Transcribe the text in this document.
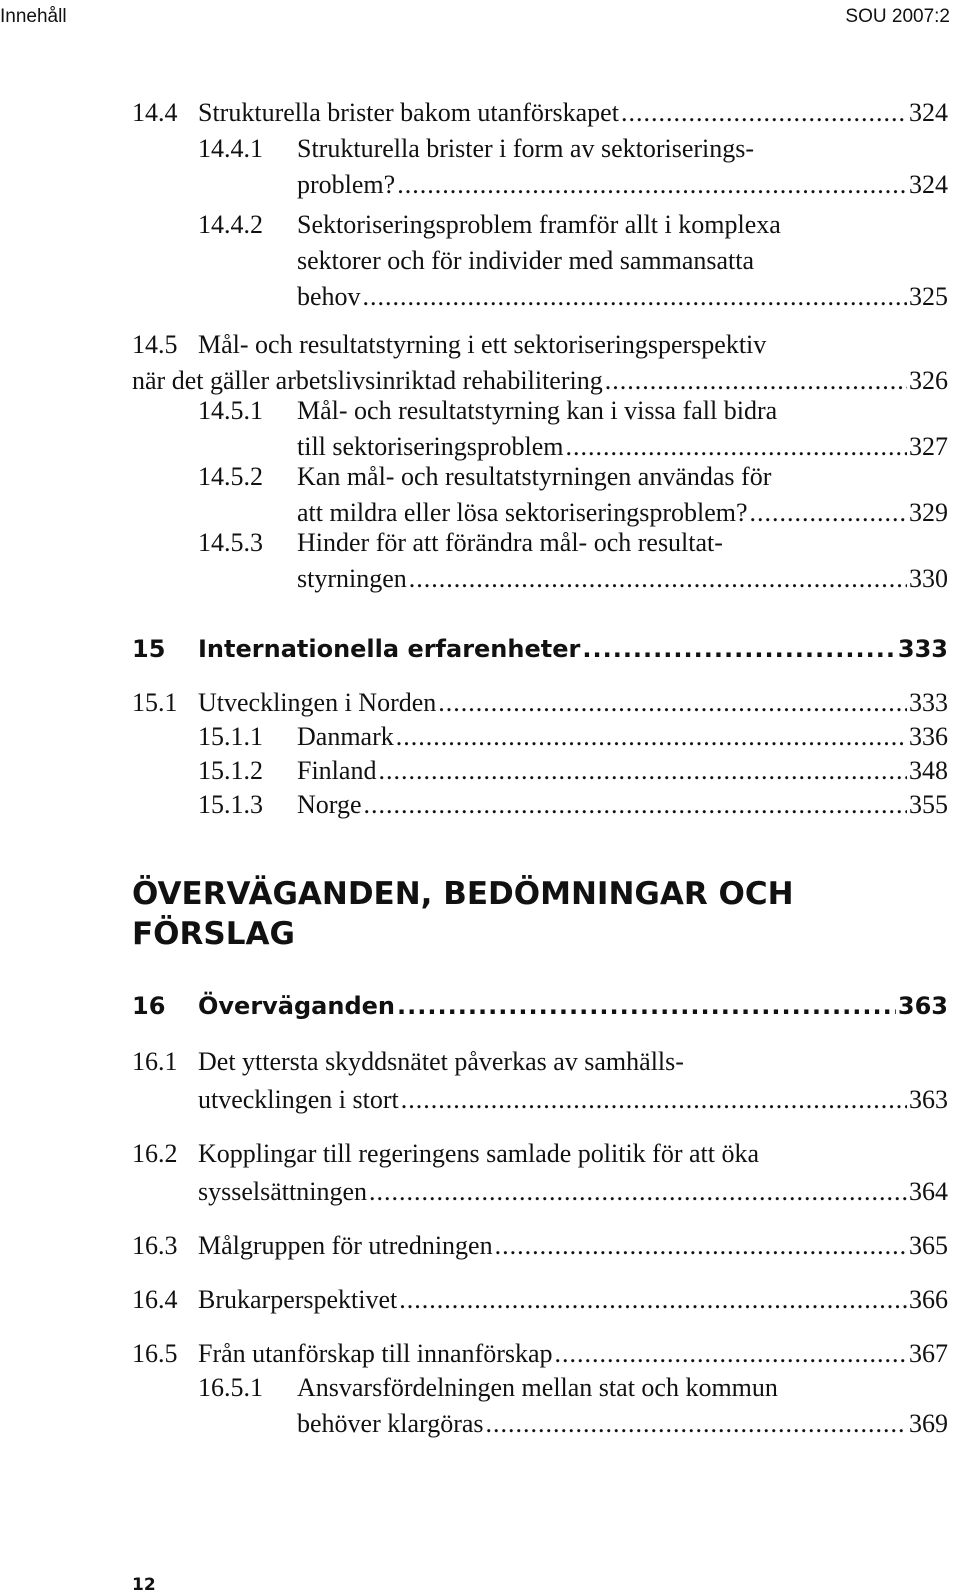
Innehåll	SOU 2007:2
14.4 Strukturella brister bakom utanförskapet .....	324
14.4.1 Strukturella brister i form av sektoriserings-
problem? .....	324
14.4.2 Sektoriseringsproblem framför allt i komplexa
sektorer och för individer med sammansatta
behov .....	325
14.5 Mål- och resultatstyrning i ett sektoriseringsperspektiv
när det gäller arbetslivsinriktad rehabilitering .....	326
14.5.1 Mål- och resultatstyrning kan i vissa fall bidra
till sektoriseringsproblem .....	327
14.5.2 Kan mål- och resultatstyrningen användas för
att mildra eller lösa sektoriseringsproblem? .....	329
14.5.3 Hinder för att förändra mål- och resultat-
styrningen .....	330
15 Internationella erfarenheter .....	333
15.1 Utvecklingen i Norden .....	333
15.1.1 Danmark .....	336
15.1.2 Finland .....	348
15.1.3 Norge .....	355
16 Överväganden .....	363
16.1 Det yttersta skyddsnätet påverkas av samhälls-
utvecklingen i stort .....	363
16.2 Kopplingar till regeringens samlade politik för att öka
sysselsättningen .....	364
16.3 Målgruppen för utredningen .....	365
16.4 Brukarperspektivet .....	366
16.5 Från utanförskap till innanförskap .....	367
16.5.1 Ansvarsfördelningen mellan stat och kommun
behöver klargöras .....	369
ÖVERVÄGANDEN, BEDÖMNINGAR OCH
FÖRSLAG
12
